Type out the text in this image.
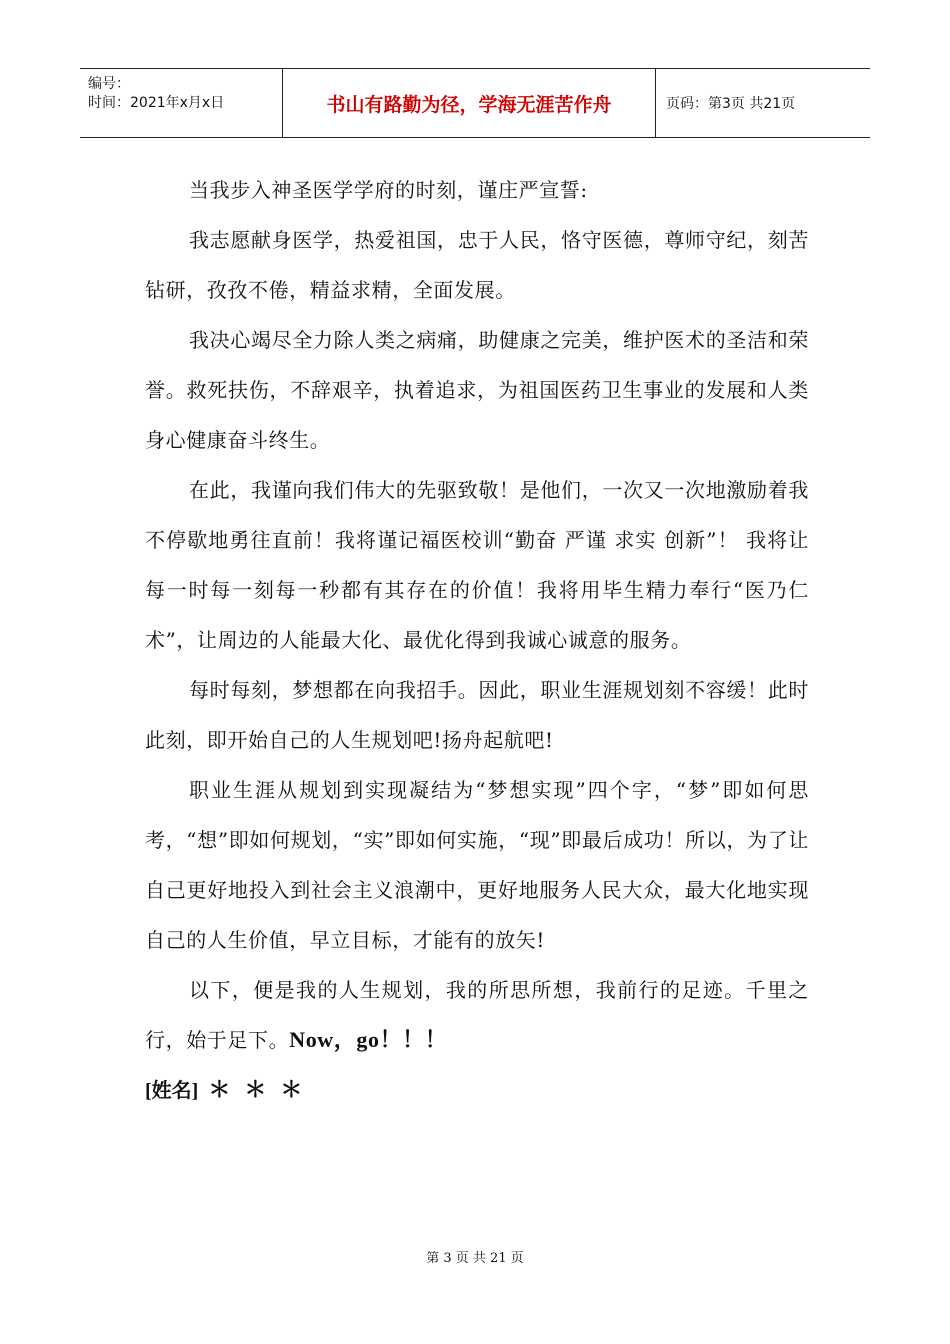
编号：
时间：2021年x月x日	书山有路勤为径，学海无涯苦作舟	页码：第3页 共21页

当我步入神圣医学学府的时刻，谨庄严宣誓:

我志愿献身医学，热爱祖国，忠于人民，恪守医德，尊师守纪，刻苦钻研，孜孜不倦，精益求精，全面发展。

我决心竭尽全力除人类之病痛，助健康之完美，维护医术的圣洁和荣誉。救死扶伤，不辞艰辛，执着追求，为祖国医药卫生事业的发展和人类身心健康奋斗终生。

在此，我谨向我们伟大的先驱致敬！是他们，一次又一次地激励着我不停歇地勇往直前！我将谨记福医校训“勤奋 严谨 求实 创新”！ 我将让每一时每一刻每一秒都有其存在的价值！我将用毕生精力奉行“医乃仁术”，让周边的人能最大化、最优化得到我诚心诚意的服务。

每时每刻，梦想都在向我招手。因此，职业生涯规划刻不容缓！此时此刻，即开始自己的人生规划吧!扬舟起航吧!

职业生涯从规划到实现凝结为“梦想实现”四个字，“梦”即如何思考，“想”即如何规划，“实”即如何实施，“现”即最后成功！所以，为了让自己更好地投入到社会主义浪潮中，更好地服务人民大众，最大化地实现自己的人生价值，早立目标，才能有的放矢!

以下，便是我的人生规划，我的所思所想，我前行的足迹。千里之行，始于足下。Now，go！！！

[姓名] ＊＊＊

第 3 页 共 21 页
